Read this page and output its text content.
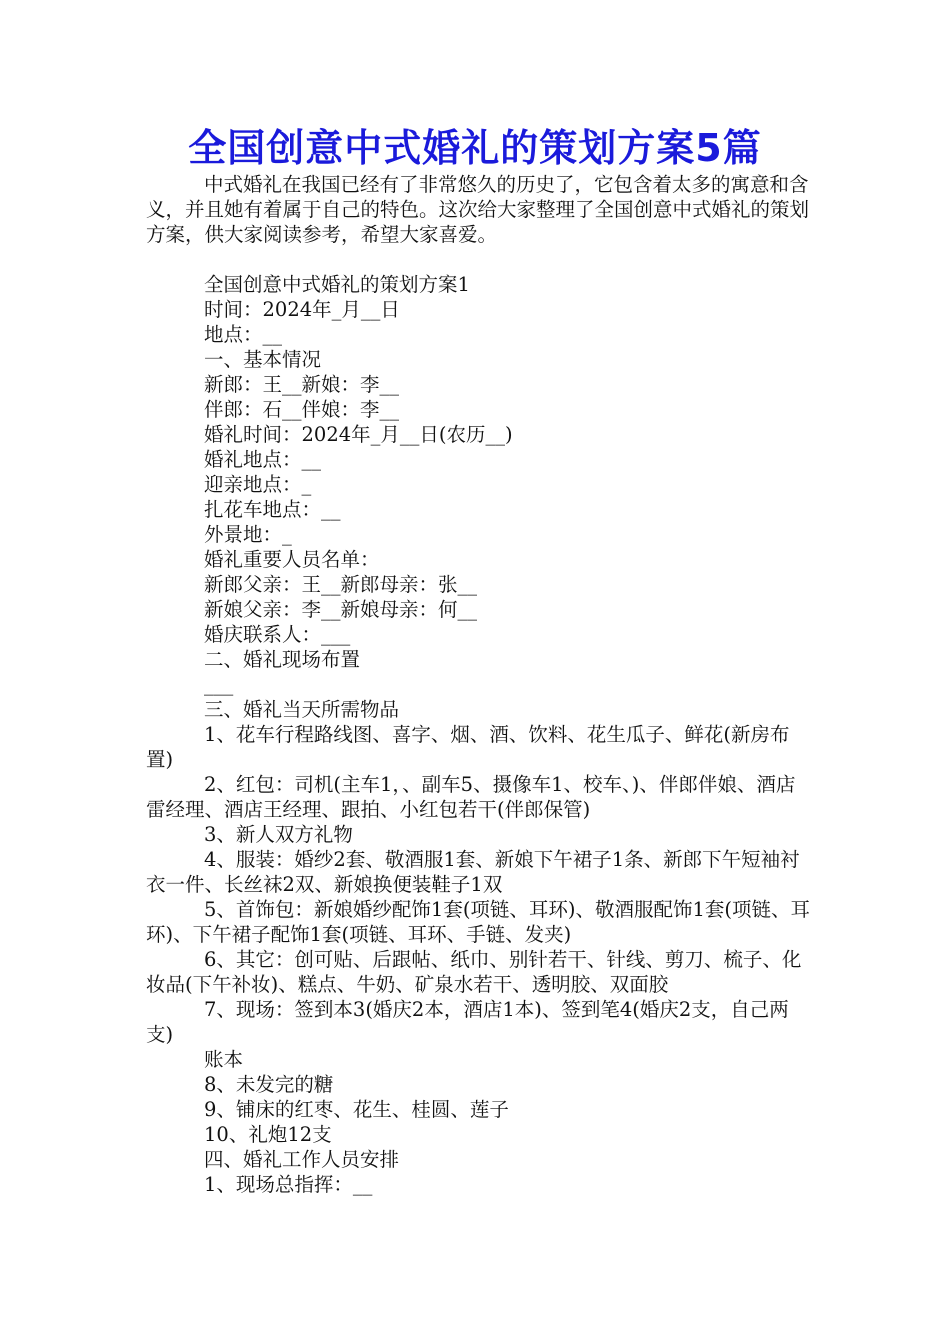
全国创意中式婚礼的策划方案5篇

中式婚礼在我国已经有了非常悠久的历史了，它包含着太多的寓意和含义，并且她有着属于自己的特色。这次给大家整理了全国创意中式婚礼的策划方案，供大家阅读参考，希望大家喜爱。

全国创意中式婚礼的策划方案1

时间：2024年_月__日

地点：__

一、基本情况

新郎：王__新娘：李__

伴郎：石__伴娘：李__

婚礼时间：2024年_月__日(农历__)

婚礼地点：__

迎亲地点：_

扎花车地点：__

外景地：_

婚礼重要人员名单：

新郎父亲：王__新郎母亲：张__

新娘父亲：李__新娘母亲：何__

婚庆联系人：___

二、婚礼现场布置

___

三、婚礼当天所需物品

1、花车行程路线图、喜字、烟、酒、饮料、花生瓜子、鲜花(新房布置)

2、红包：司机(主车1，、副车5、摄像车1、校车、)、伴郎伴娘、酒店雷经理、酒店王经理、跟拍、小红包若干(伴郎保管)

3、新人双方礼物

4、服装：婚纱2套、敬酒服1套、新娘下午裙子1条、新郎下午短袖衬衣一件、长丝袜2双、新娘换便装鞋子1双

5、首饰包：新娘婚纱配饰1套(项链、耳环)、敬酒服配饰1套(项链、耳环)、下午裙子配饰1套(项链、耳环、手链、发夹)

6、其它：创可贴、后跟帖、纸巾、别针若干、针线、剪刀、梳子、化妆品(下午补妆)、糕点、牛奶、矿泉水若干、透明胶、双面胶

7、现场：签到本3(婚庆2本，酒店1本)、签到笔4(婚庆2支，自己两支)

账本

8、未发完的糖

9、铺床的红枣、花生、桂圆、莲子

10、礼炮12支

四、婚礼工作人员安排

1、现场总指挥：__
